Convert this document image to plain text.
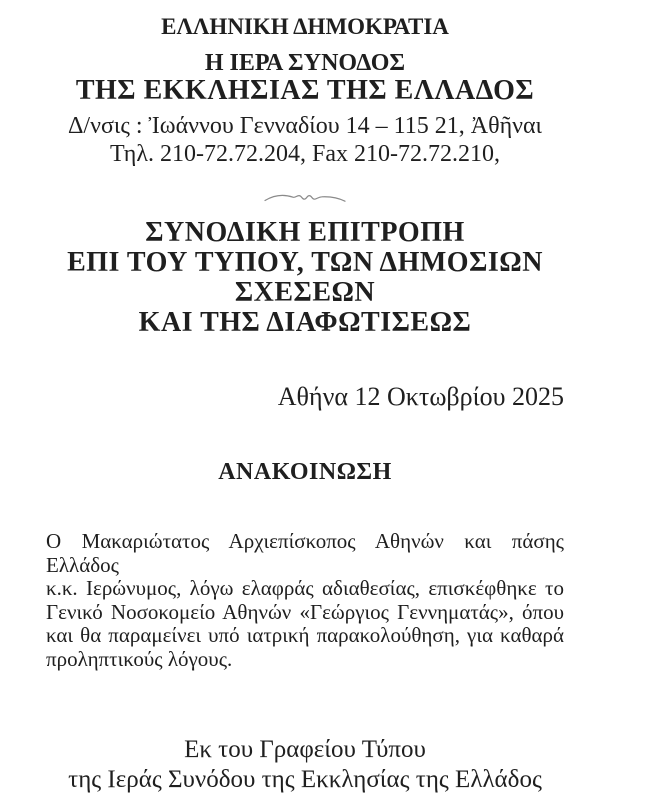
ΕΛΛΗΝΙΚΗ ΔΗΜΟΚΡΑΤΙΑ
Η ΙΕΡΑ ΣΥΝΟΔΟΣ
ΤΗΣ ΕΚΚΛΗΣΙΑΣ ΤΗΣ ΕΛΛΑΔΟΣ
Δ/νσις : Ἰωάννου Γενναδίου 14 – 115 21, Ἀθῆναι
Τηλ. 210-72.72.204, Fax 210-72.72.210,
ΣΥΝΟΔΙΚΗ ΕΠΙΤΡΟΠΗ
ΕΠΙ ΤΟΥ ΤΥΠΟΥ, ΤΩΝ ΔΗΜΟΣΙΩΝ
ΣΧΕΣΕΩΝ
ΚΑΙ ΤΗΣ ΔΙΑΦΩΤΙΣΕΩΣ
Αθήνα 12 Οκτωβρίου 2025
ΑΝΑΚΟΙΝΩΣΗ
Ο Μακαριώτατος Αρχιεπίσκοπος Αθηνών και πάσης Ελλάδος
κ.κ. Ιερώνυμος, λόγω ελαφράς αδιαθεσίας, επισκέφθηκε το
Γενικό Νοσοκομείο Αθηνών «Γεώργιος Γεννηματάς», όπου
και θα παραμείνει υπό ιατρική παρακολούθηση, για καθαρά
προληπτικούς λόγους.
Εκ του Γραφείου Τύπου
της Ιεράς Συνόδου της Εκκλησίας της Ελλάδος
